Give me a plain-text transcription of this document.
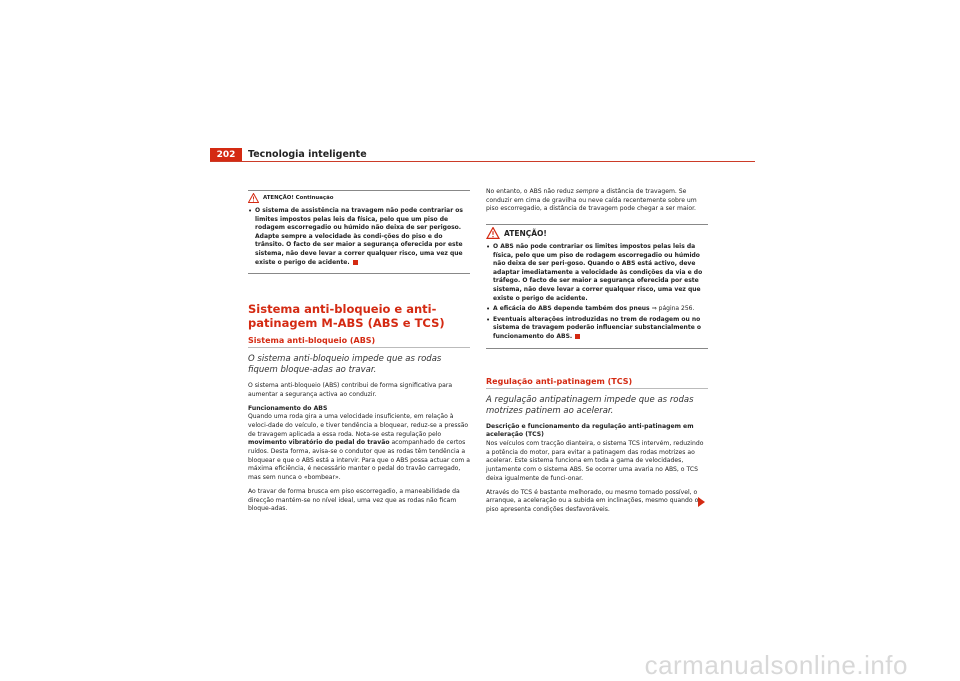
202	Tecnologia inteligente
ATENÇÃO! Continuação
• O sistema de assistência na travagem não pode contrariar os limites impostos pelas leis da física, pelo que um piso de rodagem escorregadio ou húmido não deixa de ser perigoso. Adapte sempre a velocidade às condi-ções do piso e do trânsito. O facto de ser maior a segurança oferecida por este sistema, não deve levar a correr qualquer risco, uma vez que existe o perigo de acidente.

Sistema anti-bloqueio e anti-patinagem M-ABS (ABS e TCS)
Sistema anti-bloqueio (ABS)
O sistema anti-bloqueio impede que as rodas fiquem bloque-adas ao travar.

O sistema anti-bloqueio (ABS) contribui de forma significativa para aumentar a segurança activa ao conduzir.

Funcionamento do ABS

Quando uma roda gira a uma velocidade insuficiente, em relação à veloci-dade do veículo, e tiver tendência a bloquear, reduz-se a pressão de travagem aplicada a essa roda. Nota-se esta regulação pelo movimento vibratório do pedal do travão acompanhado de certos ruídos. Desta forma, avisa-se o condutor que as rodas têm tendência a bloquear e que o ABS está a intervir. Para que o ABS possa actuar com a máxima eficiência, é necessário manter o pedal do travão carregado, mas sem nunca o «bombear».

Ao travar de forma brusca em piso escorregadio, a maneabilidade da direcção mantém-se no nível ideal, uma vez que as rodas não ficam bloque-adas.

No entanto, o ABS não reduz sempre a distância de travagem. Se conduzir em cima de gravilha ou neve caída recentemente sobre um piso escorregadio, a distância de travagem pode chegar a ser maior.

ATENÇÃO!
• O ABS não pode contrariar os limites impostos pelas leis da física, pelo que um piso de rodagem escorregadio ou húmido não deixa de ser peri-goso. Quando o ABS está activo, deve adaptar imediatamente a velocidade às condições da via e do tráfego. O facto de ser maior a segurança oferecida por este sistema, não deve levar a correr qualquer risco, uma vez que existe o perigo de acidente.

• A eficácia do ABS depende também dos pneus ⇒ página 256.

• Eventuais alterações introduzidas no trem de rodagem ou no sistema de travagem poderão influenciar substancialmente o funcionamento do ABS.

Regulação anti-patinagem (TCS)
A regulação antipatinagem impede que as rodas motrizes patinem ao acelerar.
Descrição e funcionamento da regulação anti-patinagem em aceleração (TCS)

Nos veículos com tracção dianteira, o sistema TCS intervém, reduzindo a potência do motor, para evitar a patinagem das rodas motrizes ao acelerar. Este sistema funciona em toda a gama de velocidades, juntamente com o sistema ABS. Se ocorrer uma avaria no ABS, o TCS deixa igualmente de funci-onar.

Através do TCS é bastante melhorado, ou mesmo tornado possível, o arranque, a aceleração ou a subida em inclinações, mesmo quando o piso apresenta condições desfavoráveis.

carmanualsonline.info
